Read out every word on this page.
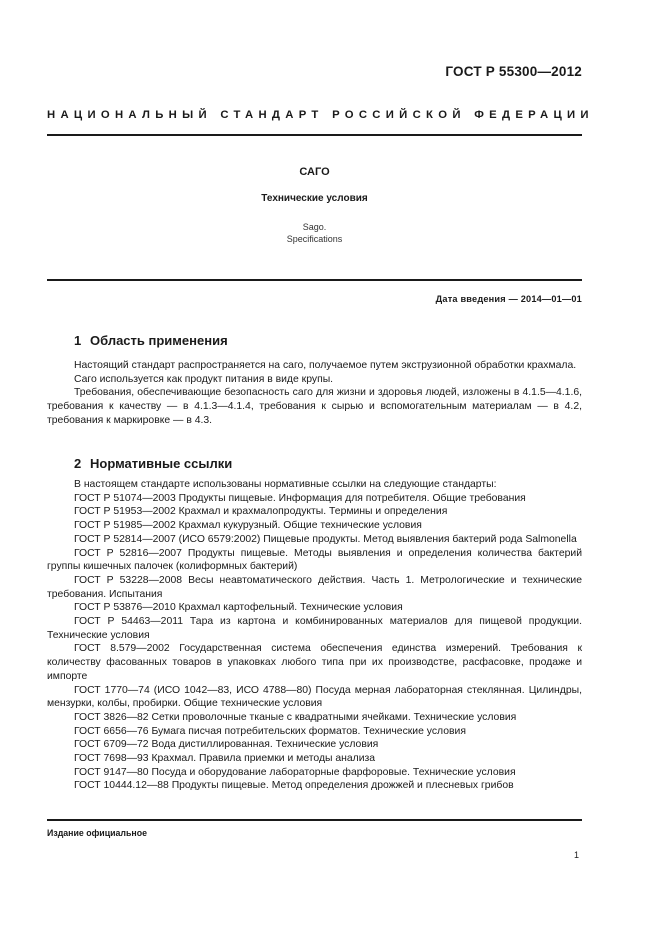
ГОСТ Р 55300—2012
НАЦИОНАЛЬНЫЙ СТАНДАРТ РОССИЙСКОЙ ФЕДЕРАЦИИ
САГО
Технические условия
Sago.
Specifications
Дата введения — 2014—01—01
1 Область применения

Настоящий стандарт распространяется на саго, получаемое путем экструзионной обработки крахмала.

Саго используется как продукт питания в виде крупы.

Требования, обеспечивающие безопасность саго для жизни и здоровья людей, изложены в 4.1.5—4.1.6, требования к качеству — в 4.1.3—4.1.4, требования к сырью и вспомогательным материалам — в 4.2, требования к маркировке — в 4.3.

2 Нормативные ссылки

В настоящем стандарте использованы нормативные ссылки на следующие стандарты:

ГОСТ Р 51074—2003 Продукты пищевые. Информация для потребителя. Общие требования

ГОСТ Р 51953—2002 Крахмал и крахмалопродукты. Термины и определения

ГОСТ Р 51985—2002 Крахмал кукурузный. Общие технические условия

ГОСТ Р 52814—2007 (ИСО 6579:2002) Пищевые продукты. Метод выявления бактерий рода Salmonella

ГОСТ Р 52816—2007 Продукты пищевые. Методы выявления и определения количества бактерий группы кишечных палочек (колиформных бактерий)

ГОСТ Р 53228—2008 Весы неавтоматического действия. Часть 1. Метрологические и технические требования. Испытания

ГОСТ Р 53876—2010 Крахмал картофельный. Технические условия

ГОСТ Р 54463—2011 Тара из картона и комбинированных материалов для пищевой продукции. Технические условия

ГОСТ 8.579—2002 Государственная система обеспечения единства измерений. Требования к количеству фасованных товаров в упаковках любого типа при их производстве, расфасовке, продаже и импорте

ГОСТ 1770—74 (ИСО 1042—83, ИСО 4788—80) Посуда мерная лабораторная стеклянная. Цилиндры, мензурки, колбы, пробирки. Общие технические условия

ГОСТ 3826—82 Сетки проволочные тканые с квадратными ячейками. Технические условия

ГОСТ 6656—76 Бумага писчая потребительских форматов. Технические условия

ГОСТ 6709—72 Вода дистиллированная. Технические условия

ГОСТ 7698—93 Крахмал. Правила приемки и методы анализа

ГОСТ 9147—80 Посуда и оборудование лабораторные фарфоровые. Технические условия

ГОСТ 10444.12—88 Продукты пищевые. Метод определения дрожжей и плесневых грибов

Издание официальное
1
